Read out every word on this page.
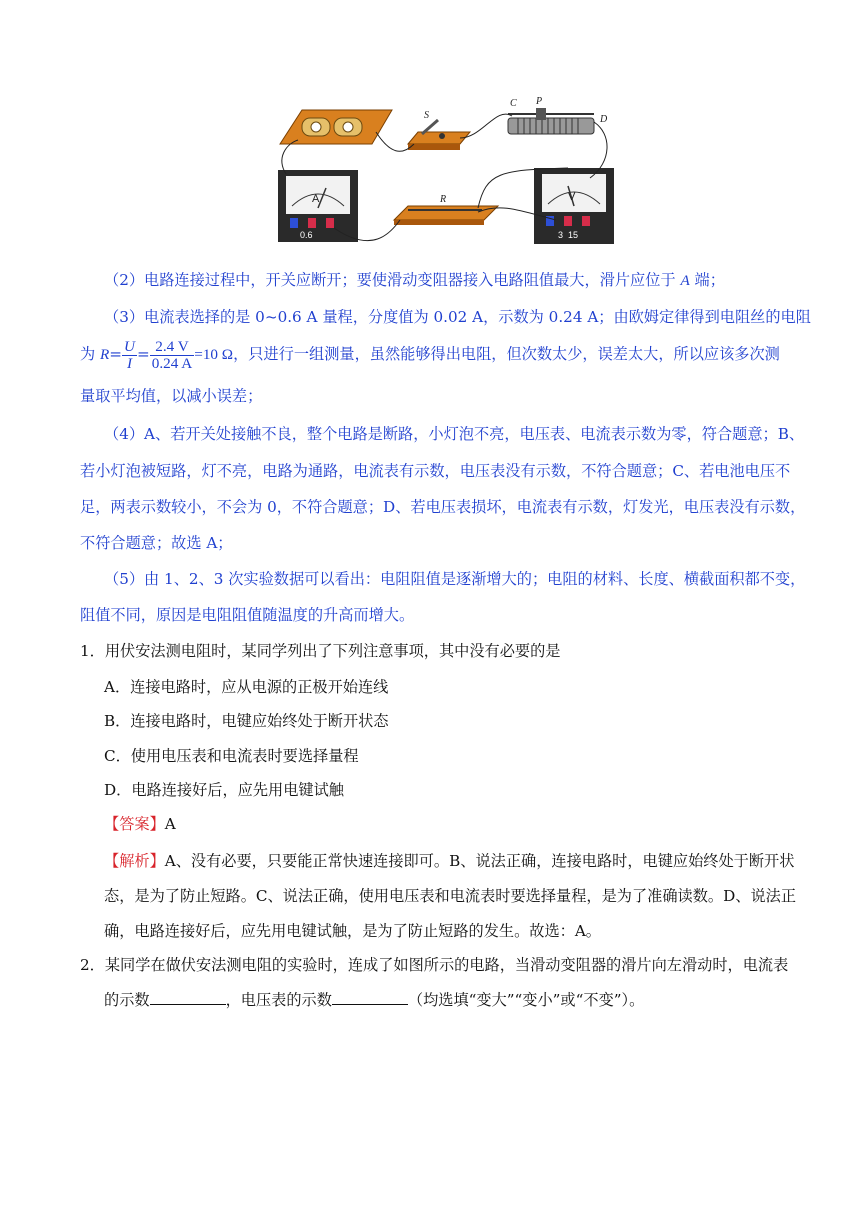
S
C P
D
R
A	V
0.6	3  15
（2）电路连接过程中，开关应断开；要使滑动变阻器接入电路阻值最大，滑片应位于 A 端；
（3）电流表选择的是 0~0.6 A 量程，分度值为 0.02 A，示数为 0.24 A；由欧姆定律得到电阻丝的电阻
为 $R= \frac{U}{I} = \frac{2.4 V}{0.24 A} =10$ Ω，只进行一组测量，虽然能够得出电阻，但次数太少，误差太大，所以应该多次测
量取平均值，以减小误差；
（4）A、若开关处接触不良，整个电路是断路，小灯泡不亮，电压表、电流表示数为零，符合题意；B、
若小灯泡被短路，灯不亮，电路为通路，电流表有示数，电压表没有示数，不符合题意；C、若电池电压不
足，两表示数较小，不会为 0，不符合题意；D、若电压表损坏，电流表有示数，灯发光，电压表没有示数，
不符合题意；故选 A；
（5）由 1、2、3 次实验数据可以看出：电阻阻值是逐渐增大的；电阻的材料、长度、横截面积都不变，
阻值不同，原因是电阻阻值随温度的升高而增大。
1．用伏安法测电阻时，某同学列出了下列注意事项，其中没有必要的是
A．连接电路时，应从电源的正极开始连线
B．连接电路时，电键应始终处于断开状态
C．使用电压表和电流表时要选择量程
D．电路连接好后，应先用电键试触
【答案】A
【解析】A、没有必要，只要能正常快速连接即可。B、说法正确，连接电路时，电键应始终处于断开状
态，是为了防止短路。C、说法正确，使用电压表和电流表时要选择量程，是为了准确读数。D、说法正
确，电路连接好后，应先用电键试触，是为了防止短路的发生。故选：A。
2．某同学在做伏安法测电阻的实验时，连成了如图所示的电路，当滑动变阻器的滑片向左滑动时，电流表
的示数	，电压表的示数	（均选填“变大”“变小”或“不变”）。
